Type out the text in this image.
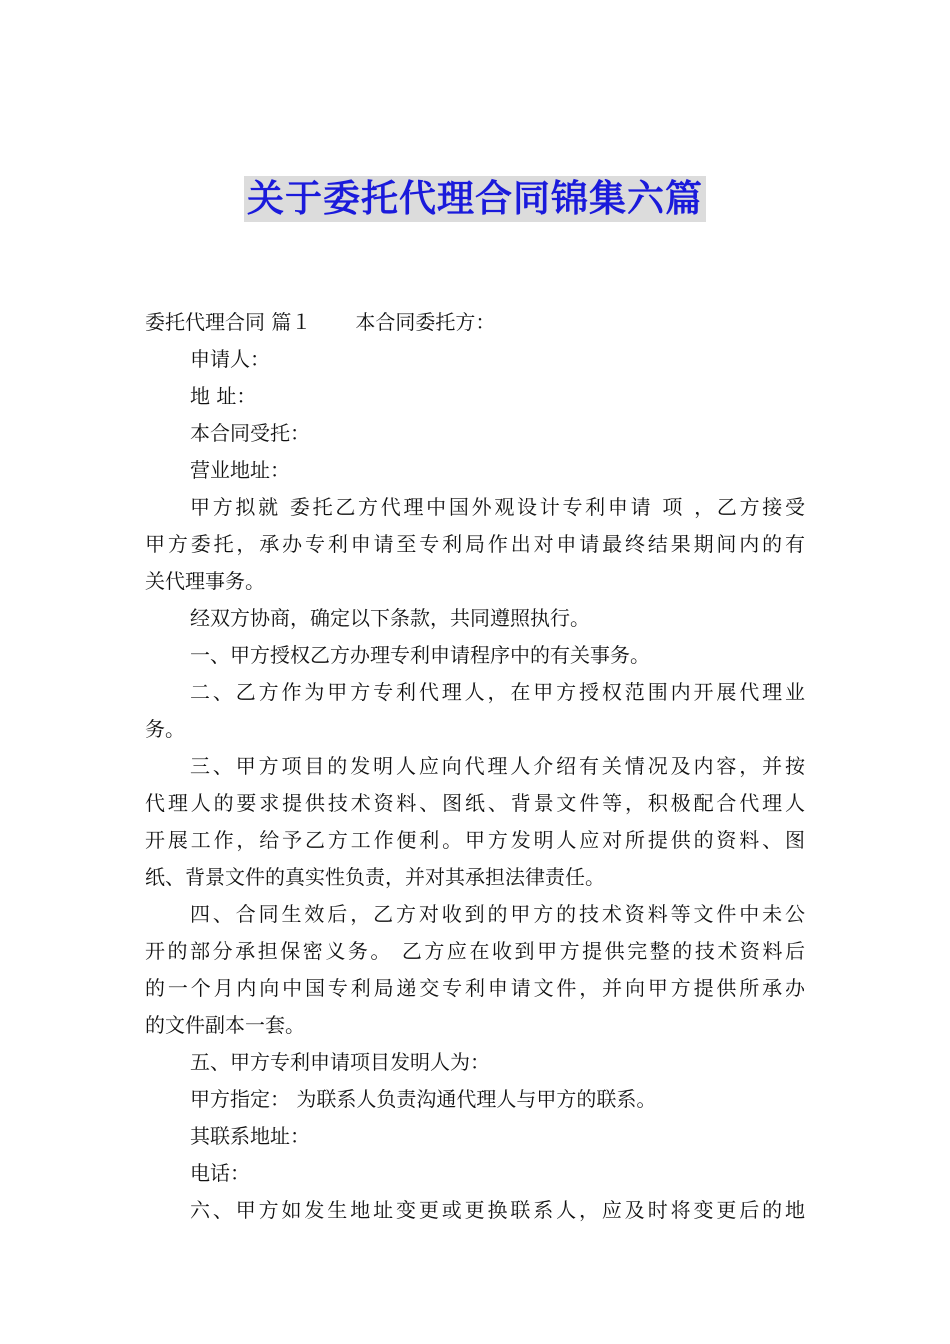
关于委托代理合同锦集六篇
委托代理合同 篇１ 本合同委托方：
申请人：
地 址：
本合同受托：
营业地址：
甲方拟就 委托乙方代理中国外观设计专利申请 项 ，乙方接受
甲方委托，承办专利申请至专利局作出对申请最终结果期间内的有
关代理事务。
经双方协商，确定以下条款，共同遵照执行。
一、甲方授权乙方办理专利申请程序中的有关事务。
二、乙方作为甲方专利代理人，在甲方授权范围内开展代理业
务。
三、甲方项目的发明人应向代理人介绍有关情况及内容，并按
代理人的要求提供技术资料、图纸、背景文件等，积极配合代理人
开展工作，给予乙方工作便利。甲方发明人应对所提供的资料、图
纸、背景文件的真实性负责，并对其承担法律责任。
四、合同生效后，乙方对收到的甲方的技术资料等文件中未公
开的部分承担保密义务。 乙方应在收到甲方提供完整的技术资料后
的一个月内向中国专利局递交专利申请文件，并向甲方提供所承办
的文件副本一套。
五、甲方专利申请项目发明人为：
甲方指定： 为联系人负责沟通代理人与甲方的联系。
其联系地址：
电话：
六、甲方如发生地址变更或更换联系人，应及时将变更后的地
